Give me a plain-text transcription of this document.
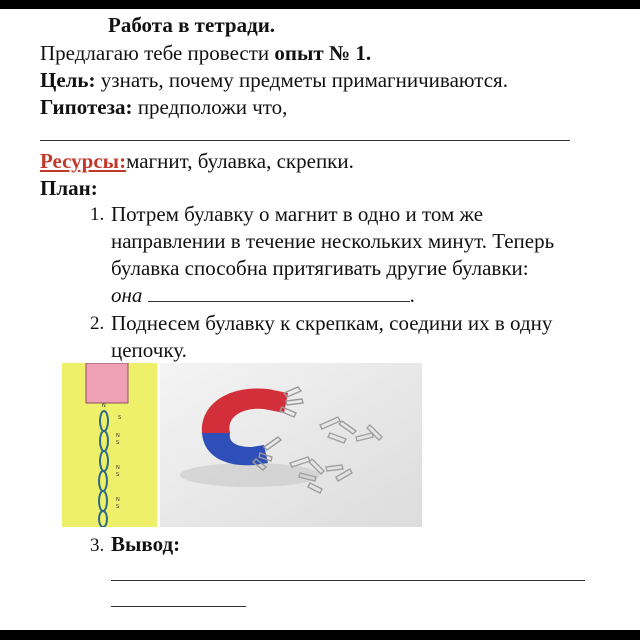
Работа в тетради.
Предлагаю тебе провести опыт № 1.
Цель: узнать, почему предметы примагничиваются.
Гипотеза: предположи что,
Ресурсы:магнит, булавка, скрепки.
План:
1. Потрем булавку о магнит в одно и том же
направлении в течение нескольких минут. Теперь
булавка способна притягивать другие булавки:
она	.
2. Поднесем булавку к скрепкам, соедини их в одну
цепочку.
N
S
N
S
N
S
N
S
3. Вывод:
